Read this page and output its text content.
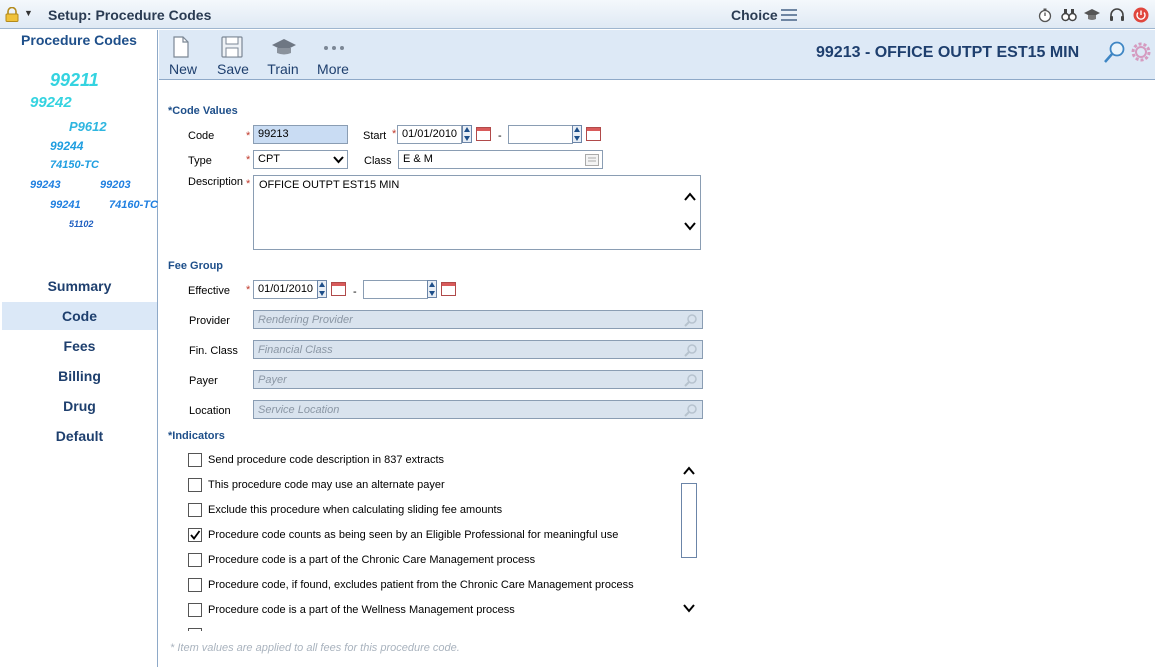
▼ Setup: Procedure Codes	Choice
Procedure Codes
99211
99242
P9612
99244
74150-TC
99243	99203
99241	74160-TC
51102
Summary
Code
Fees
Billing
Drug
Default
New	Save	Train	More
99213 - OFFICE OUTPT EST15 MIN
*Code Values
Code	* 99213	Start * 01/01/2010	-
Type	* CPT	Class	E & M
Description * OFFICE OUTPT EST15 MIN
Fee Group
Effective * 01/01/2010	-
Provider	Rendering Provider
Fin. Class	Financial Class
Payer	Payer
Location	Service Location
*Indicators
Send procedure code description in 837 extracts
This procedure code may use an alternate payer
Exclude this procedure when calculating sliding fee amounts
Procedure code counts as being seen by an Eligible Professional for meaningful use
Procedure code is a part of the Chronic Care Management process
Procedure code, if found, excludes patient from the Chronic Care Management process
Procedure code is a part of the Wellness Management process
* Item values are applied to all fees for this procedure code.
